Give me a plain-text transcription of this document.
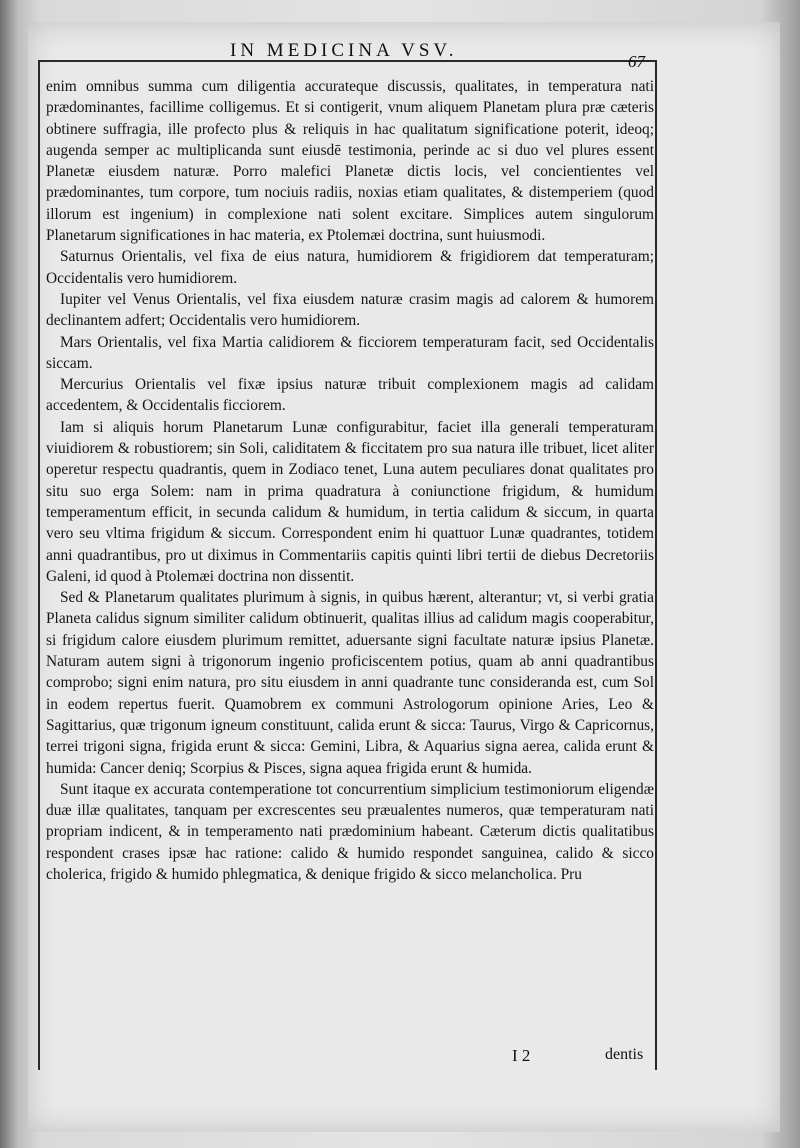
IN MEDICINA VSV.
67

enim omnibus summa cum diligentia accurateque discussis, qualitates, in temperatura nati prædominantes, facillime colligemus. Et si contigerit, vnum aliquem Planetam plura præ cæteris obtinere suffragia, ille profecto plus & reliquis in hac qualitatum significatione poterit, ideoq; augenda semper ac multiplicanda sunt eiusdē testimonia, perinde ac si duo vel plures essent Planetæ eiusdem naturæ. Porro malefici Planetæ dictis locis, vel concientientes vel prædominantes, tum corpore, tum nociuis radiis, noxias etiam qualitates, & distemperiem (quod illorum est ingenium) in complexione nati solent excitare. Simplices autem singulorum Planetarum significationes in hac materia, ex Ptolemæi doctrina, sunt huiusmodi.

Saturnus Orientalis, vel fixa de eius natura, humidiorem & frigidiorem dat temperaturam; Occidentalis vero humidiorem.

Iupiter vel Venus Orientalis, vel fixa eiusdem naturæ crasim magis ad calorem & humorem declinantem adfert; Occidentalis vero humidiorem.

Mars Orientalis, vel fixa Martia calidiorem & ficciorem temperaturam facit, sed Occidentalis siccam.

Mercurius Orientalis vel fixæ ipsius naturæ tribuit complexionem magis ad calidam accedentem, & Occidentalis ficciorem.

Iam si aliquis horum Planetarum Lunæ configurabitur, faciet illa generali temperaturam viuidiorem & robustiorem; sin Soli, caliditatem & ficcitatem pro sua natura ille tribuet, licet aliter operetur respectu quadrantis, quem in Zodiaco tenet, Luna autem peculiares donat qualitates pro situ suo erga Solem: nam in prima quadratura à coniunctione frigidum, & humidum temperamentum efficit, in secunda calidum & humidum, in tertia calidum & siccum, in quarta vero seu vltima frigidum & siccum. Correspondent enim hi quattuor Lunæ quadrantes, totidem anni quadrantibus, pro ut diximus in Commentariis capitis quinti libri tertii de diebus Decretoriis Galeni, id quod à Ptolemæi doctrina non dissentit.

Sed & Planetarum qualitates plurimum à signis, in quibus hærent, alterantur; vt, si verbi gratia Planeta calidus signum similiter calidum obtinuerit, qualitas illius ad calidum magis cooperabitur, si frigidum calore eiusdem plurimum remittet, aduersante signi facultate naturæ ipsius Planetæ. Naturam autem signi à trigonorum ingenio proficiscentem potius, quam ab anni quadrantibus comprobo; signi enim natura, pro situ eiusdem in anni quadrante tunc considerandа est, cum Sol in eodem repertus fuerit. Quamobrem ex communi Astrologorum opinione Aries, Leo & Sagittarius, quæ trigonum igneum constituunt, calida erunt & sicca: Taurus, Virgo & Capricornus, terrei trigoni signa, frigida erunt & sicca: Gemini, Libra, & Aquarius signa aerea, calida erunt & humida: Cancer deniq; Scorpius & Pisces, signa aquea frigida erunt & humida.

Sunt itaque ex accurata contemperatione tot concurrentium simplicium testimoniorum eligendæ duæ illæ qualitates, tanquam per excrescentes seu præualentes numeros, quæ temperaturam nati propriam indicent, & in temperamento nati prædominium habeant. Cæterum dictis qualitatibus respondent crases ipsæ hac ratione: calido & humido respondet sanguinea, calido & sicco cholerica, frigido & humido phlegmatica, & denique frigido & sicco melancholica. Pru

I 2	dentis
